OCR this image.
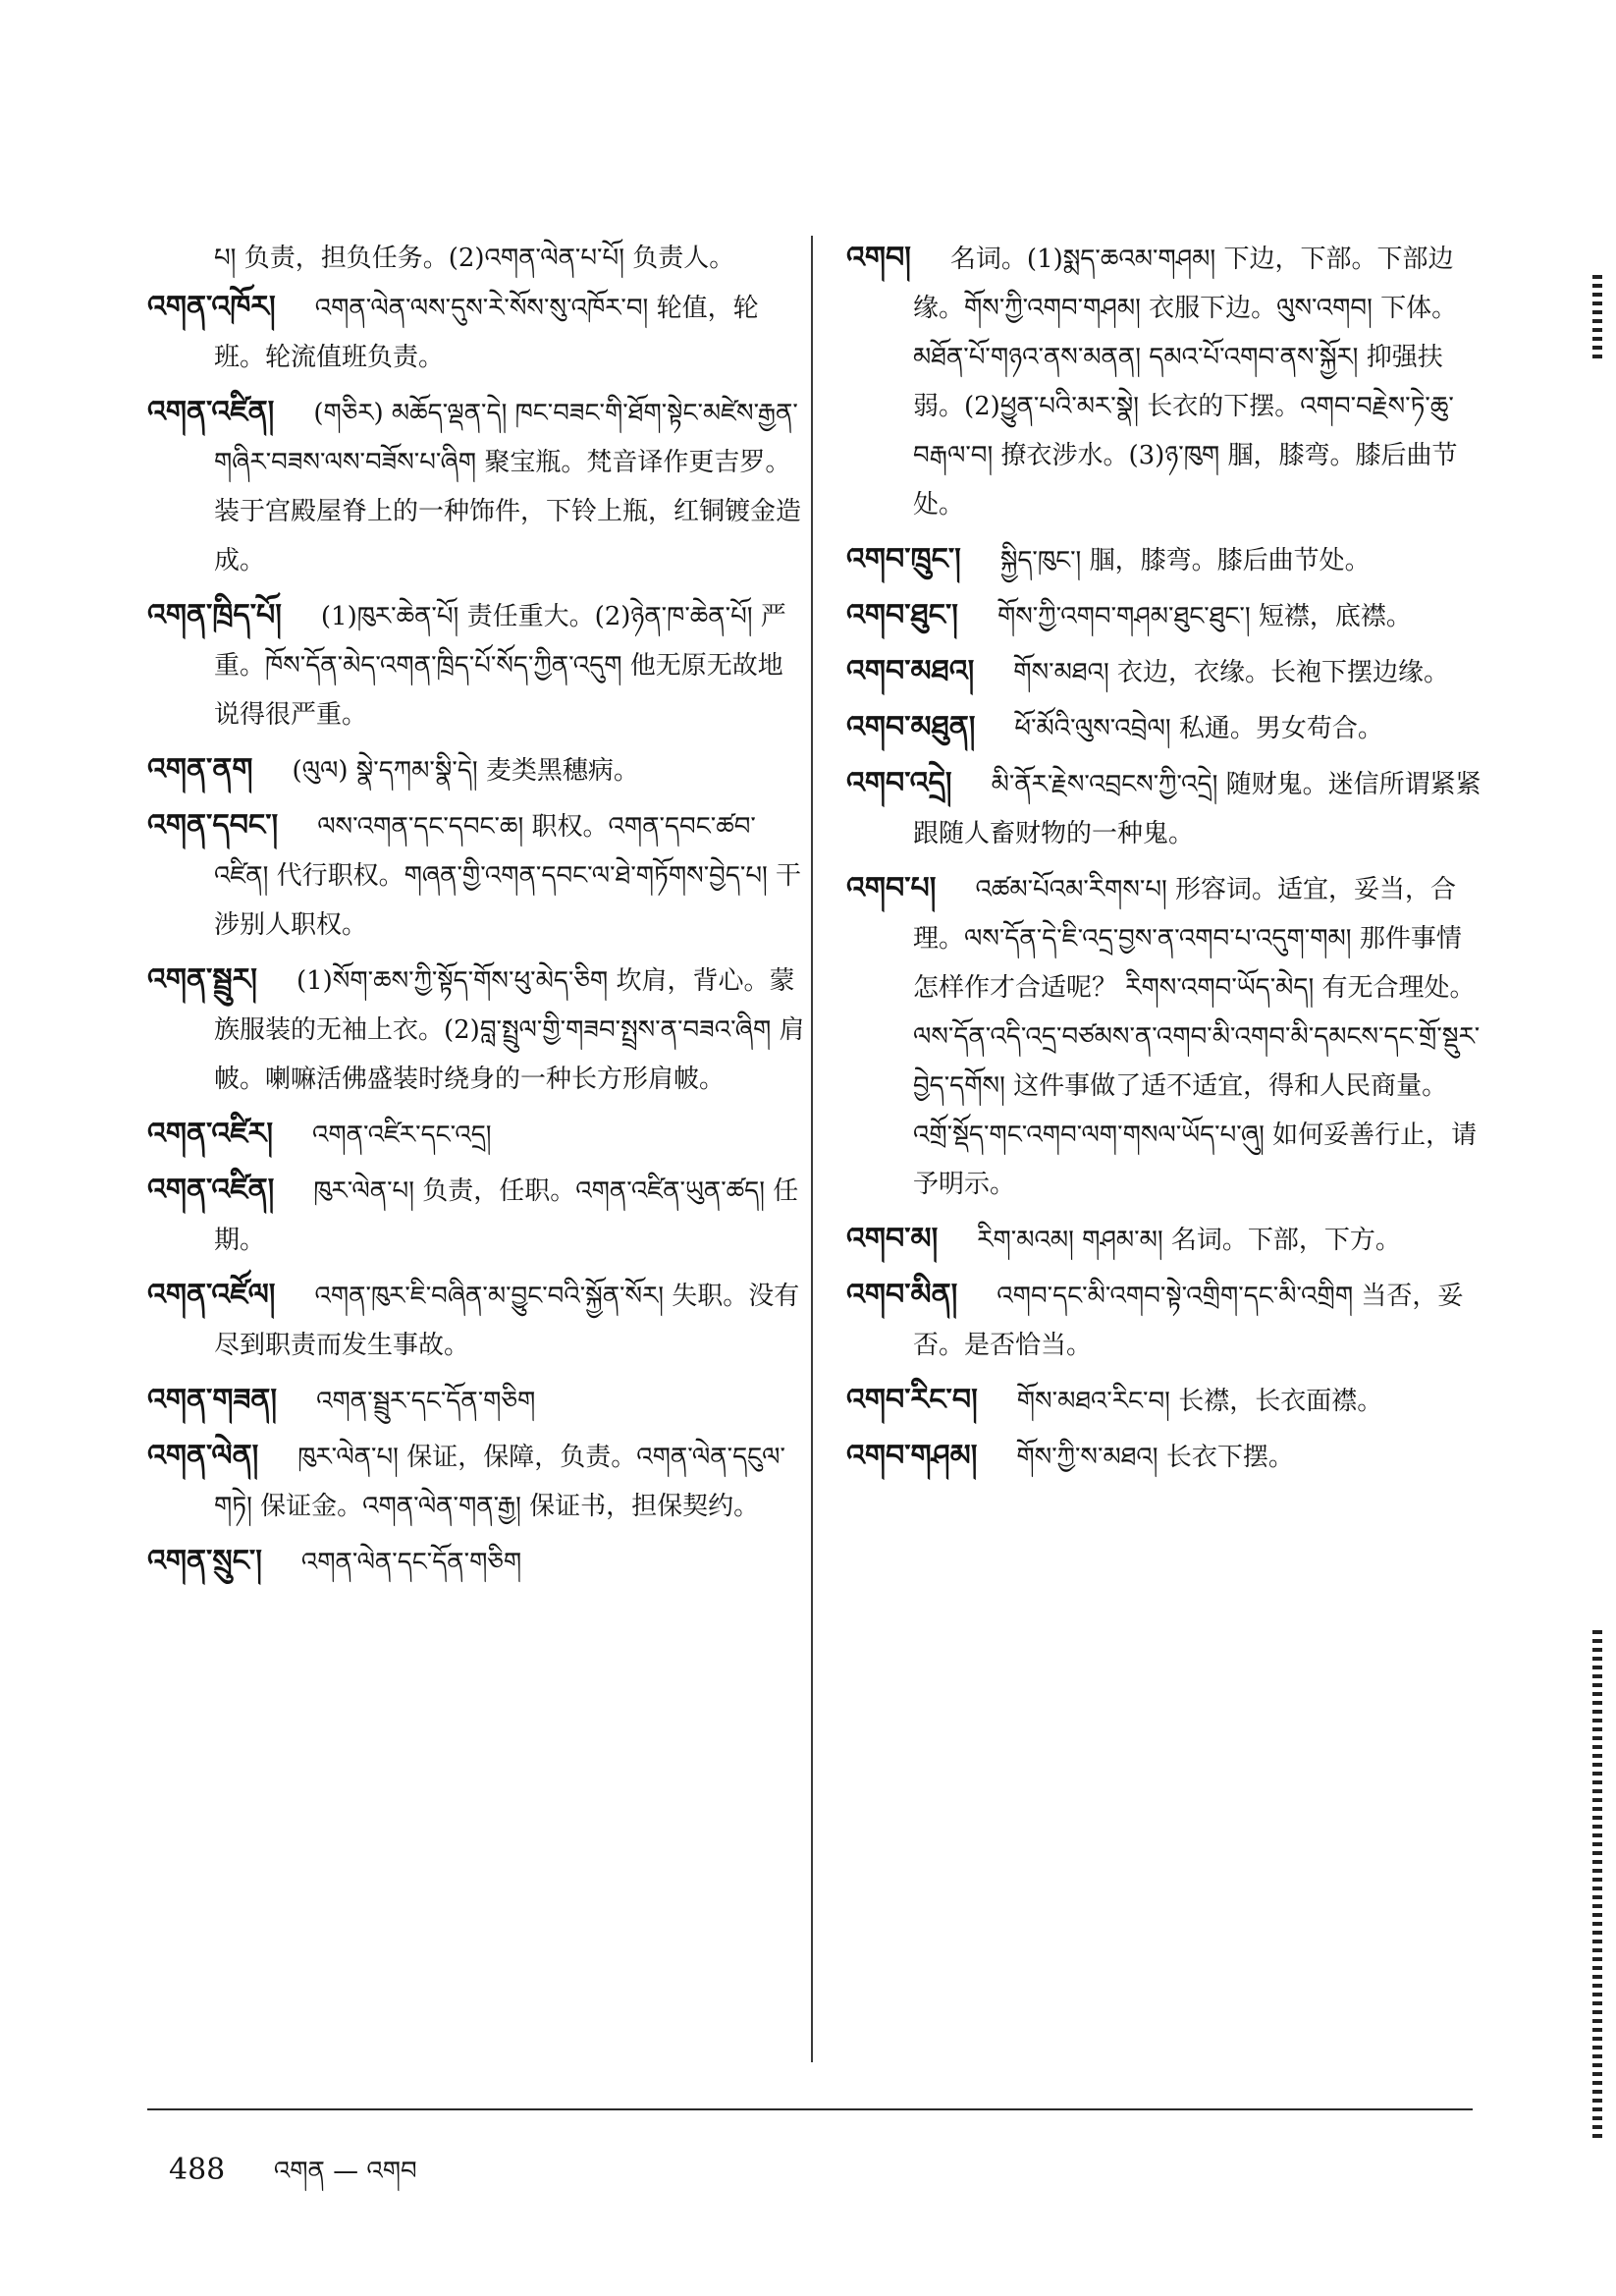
པ། 负责，担负任务。(2)འགན་ལེན་པ་པོ། 负责人。
འགན་འཁོར། འགན་ལེན་ལས་དུས་རེ་སོས་སུ་འཁོར་བ། 轮值，轮班。轮流值班负责。
འགན་འཛིན། (གཅིར) མཆོད་ལྡན་དེ། ཁང་བཟང་གི་ཐོག་སྟེང་མཛེས་རྒྱན་གཞིར་བཟས་ལས་བཟོས་པ་ཞིག 聚宝瓶。梵音译作更吉罗。装于宫殿屋脊上的一种饰件，下铃上瓶，红铜镀金造成。
འགན་ཁྲིད་པོ། (1)ཁུར་ཆེན་པོ། 责任重大。(2)ཉེན་ཁ་ཆེན་པོ། 严重。ཁོས་དོན་མེད་འགན་ཁྲིད་པོ་སོད་ཀྱིན་འདུག 他无原无故地说得很严重。
འགན་ནག (ལུལ) སྣེ་དཀམ་སྣི་དེ། 麦类黑穗病。
འགན་དབང་། ལས་འགན་དང་དབང་ཆ། 职权。འགན་དབང་ཚབ་འཛིན། 代行职权。གཞན་གྱི་འགན་དབང་ལ་ཐེ་གཏོགས་བྱེད་པ། 干涉别人职权。
འགན་སྦྲུར། (1)སོག་ཆས་ཀྱི་སྟོད་གོས་ཕུ་མེད་ཅིག 坎肩，背心。蒙族服装的无袖上衣。(2)བླ་སྤྲུལ་གྱི་གཟབ་སྤྲས་ན་བཟའ་ཞིག 肩帔。喇嘛活佛盛装时绕身的一种长方形肩帔。
འགན་འཛིར། འགན་འཛིར་དང་འདྲ།
འགན་འཛིན། ཁུར་ལེན་པ། 负责，任职。འགན་འཛིན་ཡུན་ཚད། 任期。
འགན་འཛོལ། འགན་ཁུར་ཇི་བཞིན་མ་བྱུང་བའི་སྐྱོན་སོར། 失职。没有尽到职责而发生事故。
འགན་གཟན། འགན་སྦྲུར་དང་དོན་གཅིག
འགན་ལེན། ཁུར་ལེན་པ། 保证，保障，负责。འགན་ལེན་དངུལ་གཏེ། 保证金。འགན་ལེན་གན་རྒྱ། 保证书，担保契约。
འགན་སྲུང་། འགན་ལེན་དང་དོན་གཅིག
འགབ། 名词。(1)སྨད་ཆའམ་གཤམ། 下边，下部。下部边缘。གོས་ཀྱི་འགབ་གཤམ། 衣服下边。ལུས་འགབ། 下体。མཐོན་པོ་གཉའ་ནས་མནན། དམའ་པོ་འགབ་ནས་སྐྱོར། 抑强扶弱。(2)ཕྱུན་པའི་མར་སྣེ། 长衣的下摆。འགབ་བརྗེས་ཏེ་ཆུ་བརྒལ་བ། 撩衣涉水。(3)ཉ་ཁུག 腘，膝弯。膝后曲节处。
འགབ་ཁྲུང་། སྐྱིད་ཁུང་། 腘，膝弯。膝后曲节处。
འགབ་ཐུང་། གོས་ཀྱི་འགབ་གཤམ་ཐུང་ཐུང་། 短襟，底襟。
འགབ་མཐའ། གོས་མཐའ། 衣边，衣缘。长袍下摆边缘。
འགབ་མཐུན། ཕོ་མོའི་ལུས་འབྲེལ། 私通。男女苟合。
འགབ་འདྲེ། མི་ནོར་རྗེས་འབྲངས་ཀྱི་འདྲེ། 随财鬼。迷信所谓紧紧跟随人畜财物的一种鬼。
འགབ་པ། འཚམ་པོའམ་རིགས་པ། 形容词。适宜，妥当，合理。ལས་དོན་དེ་ཇི་འདྲ་བྱས་ན་འགབ་པ་འདུག་གམ། 那件事情怎样作才合适呢？ རིགས་འགབ་ཡོད་མེད། 有无合理处。ལས་དོན་འདི་འདྲ་བཙམས་ན་འགབ་མི་འགབ་མི་དམངས་དང་གྲོ་སྡུར་བྱེད་དགོས། 这件事做了适不适宜，得和人民商量。འགྲོ་སྡོད་གང་འགབ་ལག་གསལ་ཡོད་པ་ཞུ། 如何妥善行止，请予明示。
འགབ་མ། རིག་མའམ། གཤམ་མ། 名词。下部，下方。
འགབ་མིན། འགབ་དང་མི་འགབ་སྟེ་འགྲིག་དང་མི་འགྲིག 当否，妥否。是否恰当。
འགབ་རིང་བ། གོས་མཐའ་རིང་བ། 长襟，长衣面襟。
འགབ་གཤམ། གོས་ཀྱི་ས་མཐའ། 长衣下摆。
488 འགན — འགབ
